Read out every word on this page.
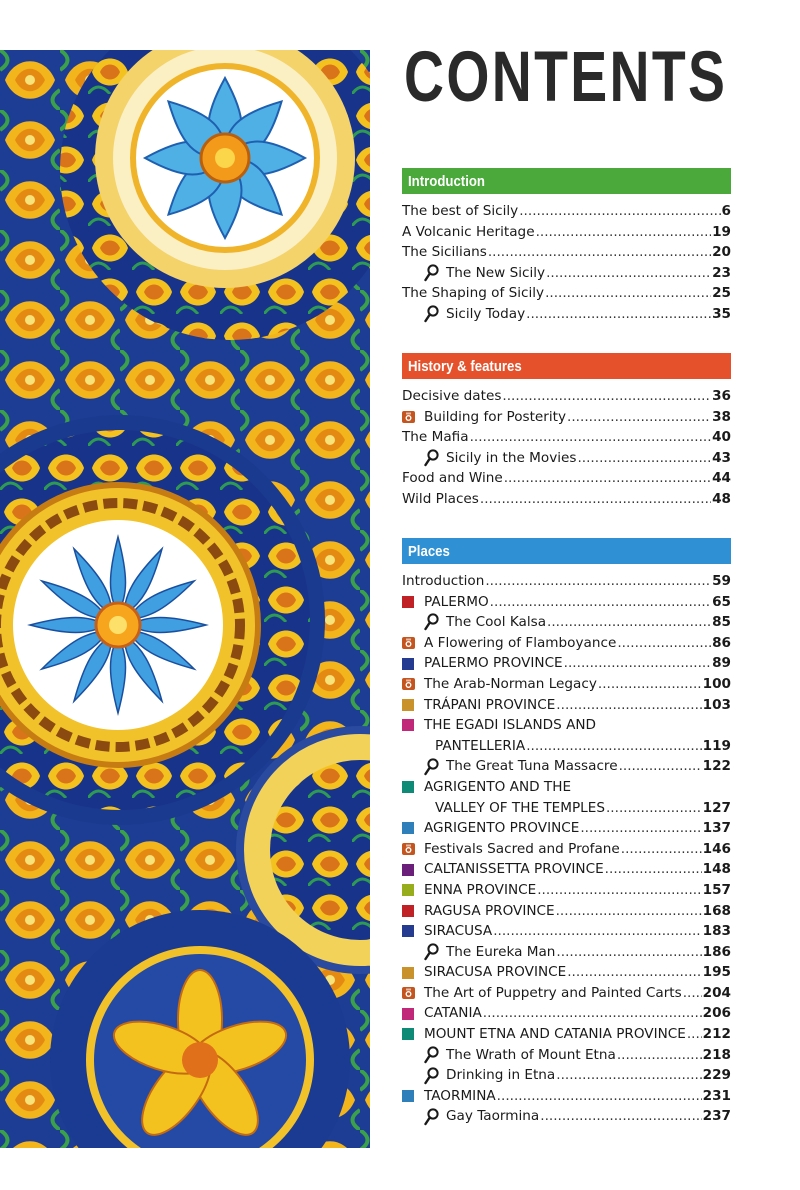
CONTENTS
Introduction
The best of Sicily .....	6
A Volcanic Heritage .....	19
The Sicilians .....	20
The New Sicily .....	23
The Shaping of Sicily .....	25
Sicily Today .....	35
History & features
Decisive dates .....	36
Building for Posterity .....	38
The Mafia .....	40
Sicily in the Movies .....	43
Food and Wine .....	44
Wild Places .....	48
Places
Introduction .....	59
PALERMO .....	65
The Cool Kalsa .....	85
A Flowering of Flamboyance .....	86
PALERMO PROVINCE .....	89
The Arab-Norman Legacy .....	100
TRÁPANI PROVINCE .....	103
THE EGADI ISLANDS AND
PANTELLERIA .....	119
The Great Tuna Massacre .....	122
AGRIGENTO AND THE
VALLEY OF THE TEMPLES .....	127
AGRIGENTO PROVINCE .....	137
Festivals Sacred and Profane .....	146
CALTANISSETTA PROVINCE .....	148
ENNA PROVINCE .....	157
RAGUSA PROVINCE .....	168
SIRACUSA .....	183
The Eureka Man .....	186
SIRACUSA PROVINCE .....	195
The Art of Puppetry and Painted Carts ..... 204
CATANIA .....	206
MOUNT ETNA AND CATANIA PROVINCE ..... 212
The Wrath of Mount Etna .....	218
Drinking in Etna .....	229
TAORMINA .....	231
Gay Taormina .....	237
